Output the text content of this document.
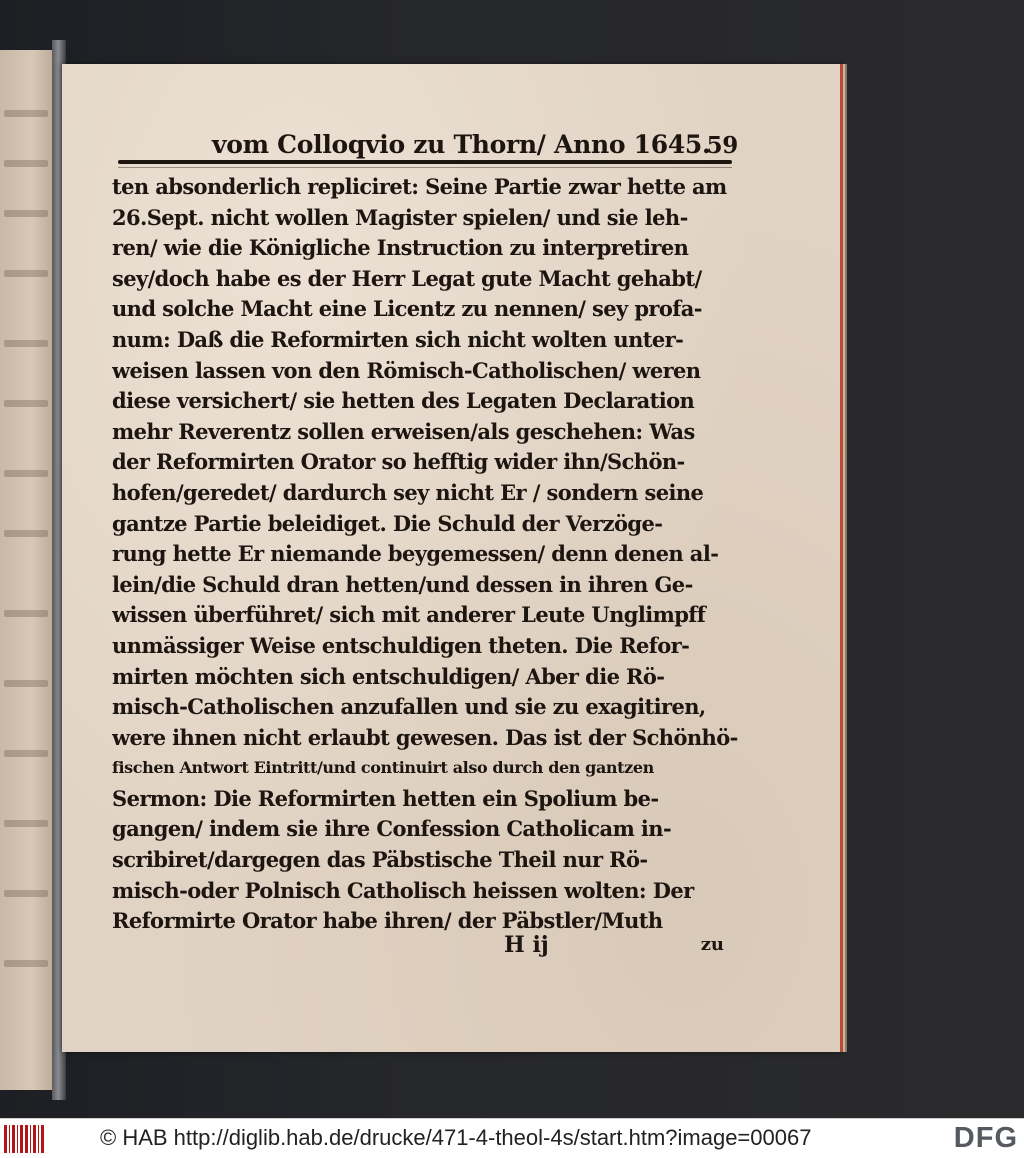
vom Colloqvio zu Thorn/ Anno 1645.
59
ten absonderlich repliciret: Seine Partie zwar hette am
26.Sept. nicht wollen Magister spielen/ und sie leh-
ren/ wie die Königliche Instruction zu interpretiren
sey/doch habe es der Herr Legat gute Macht gehabt/
und solche Macht eine Licentz zu nennen/ sey profa-
num: Daß die Reformirten sich nicht wolten unter-
weisen lassen von den Römisch-Catholischen/ weren
diese versichert/ sie hetten des Legaten Declaration
mehr Reverentz sollen erweisen/als geschehen: Was
der Reformirten Orator so hefftig wider ihn/Schön-
hofen/geredet/ dardurch sey nicht Er / sondern seine
gantze Partie beleidiget. Die Schuld der Verzöge-
rung hette Er niemande beygemessen/ denn denen al-
lein/die Schuld dran hetten/und dessen in ihren Ge-
wissen überführet/ sich mit anderer Leute Unglimpff
unmässiger Weise entschuldigen theten. Die Refor-
mirten möchten sich entschuldigen/ Aber die Rö-
misch-Catholischen anzufallen und sie zu exagitiren,
were ihnen nicht erlaubt gewesen. Das ist der Schönhö-
fischen Antwort Eintritt/und continuirt also durch den gantzen
Sermon: Die Reformirten hetten ein Spolium be-
gangen/ indem sie ihre Confession Catholicam in-
scribiret/dargegen das Päbstische Theil nur Rö-
misch-oder Polnisch Catholisch heissen wolten: Der
Reformirte Orator habe ihren/ der Päbstler/Muth
H ij	zu
© HAB http://diglib.hab.de/drucke/471-4-theol-4s/start.htm?image=00067	DFG
